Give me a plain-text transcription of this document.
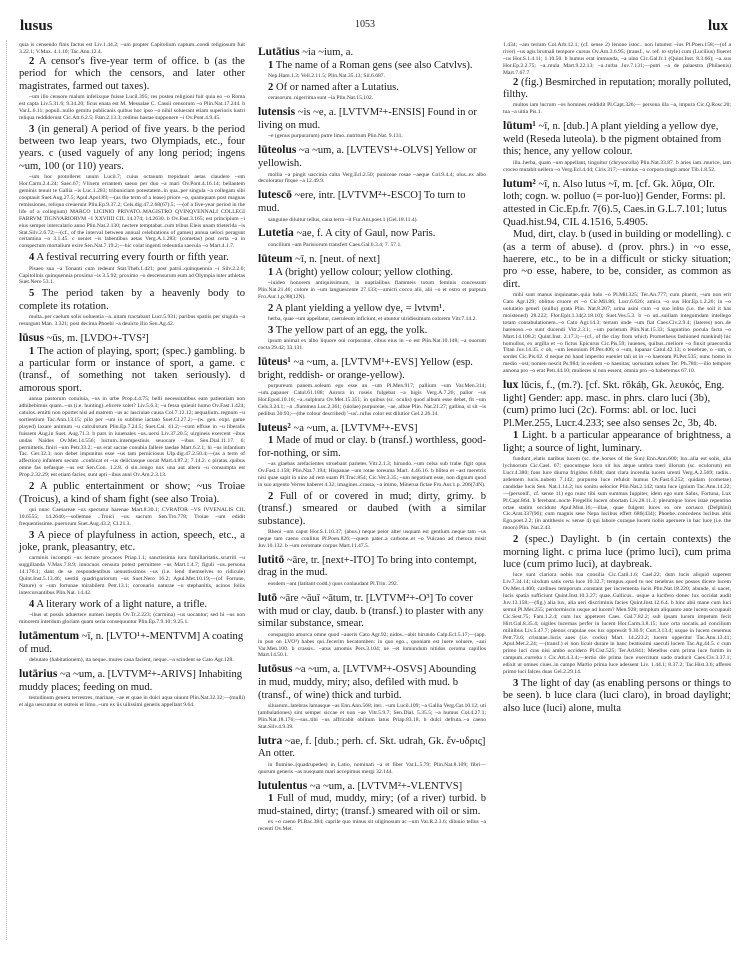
lusus	1053	lux
quia is censendo finis factus est Liv.1.44.2; ~um propter Capitolium captum..condi religiosum fuit 3.22.1; V.Max. 4.1.10; Tac.Ann.12.4.
2 A censor's five-year term of office. b (as the period for which the censors, and later other magistrates, farmed out taxes).
~um illo censore malum infelixque fuisse Lucil.395; res postea religioni fuit quia eo ~o Roma est capta Liv.5.31.6; 9.34.20; ficus enata est M. Messalae C. Cassii censorum ~o Plin.Nat.17.244. b Var.L.6.11; populi..nullo gemitu publicanis quibus hoc ipso ~o nihil soluerant etiam superioris lustri reliqua reddiderunt Cic.Att.6.2.5; Fam.2.13.3; reditus hastae supponere ~i Ov.Pont.4.9.45.
3 (in general) A period of five years. b the period between two leap years, two Olympiads, etc., four years. c (used vaguely of any long period; ingens ~um, 100 (or 110) years.
~um hoc protolleret unum Lucil.7; cuius octauum trepidauit aetas claudere ~um Hor.Carm.2.4.24; Saec.67; Vlixem errantem saeuo per duo ~a mari Ov.Pont.4.16.14; bellantem geminis tenuit te Gallia ~is Luc.1.283; tribuniciam potestatem..in qua..per singula ~a collegam sibi cooptauit Suet.Aug.27.5; Apul.Apol.89;—(as the term of a lease) priore ~o, quamquam post magnas remissiones, reliqua creuerunt Plin.Ep.9.37.2; Cels.dig.47.2.68(67).5; —(of a five-year period in the life of a collegium) MARCO LICINIO PRIVATO..MAGISTRO QVINQVENNALI COLLEGI FABRVM TIGNVARIORVM ~I XXVIIII CIL 14.374; 14.2630. b Ov.Fast.3.165; est principium ~i eius semper intercalario anno Plin.Nat.2.130; nectere temptabat..cum tribus Eleis unam trieterida ~is Stat.Silv.2.6.72;—(cf., of the interval between annual celebrations of games) annua ueloci peragunt certamina ~o 3.1.45. c ueniet ~is labentibus aetas Verg.A.1.283; (cometas) post certa ~a in conspectum mortalium exire Sen.Nat.7.19.2;—hic colat ingenti redeuntia saecula ~o Mart.4.1.7.
4 A festival recurring every fourth or fifth year.
Pisaeo sua ~a Tonanti cum redeunt Stat.Theb.1.421; post patrii..quinquennia ~i Silv.2.2.6; Capitolinis quinquennia proxima ~is 3.5.92; proximo ~o descensurum eum ad Olympia inter athletas Suet.Nero 53.1.
5 The period taken by a heavenly body to complete its rotation.
multa..per caelum solis uoluentia ~a..uitam tractabant Lucr.5.931; paribus spatiis per singula ~a resurgunt Man. 3.321; post decima Phoebi ~a deuicto Ilio Sen.Ag.42.
lūsus ~ūs, m. [LVDO+-TVS²]
1 The action of playing, sport; (spec.) gambling. b a particular form or instance of sport, a game. c (transf., of something not taken seriously). d amorous sport.
annua pastorum conuiuia, ~us in urbe Prop.4.4.75; belli necessitatibus eam patientiam non adhibebimus quam..~us (i.e. hunting)..elicere solet? Liv.5.6.3; ~u fessa quieuit humo Ov.Fast.1.424; catulos..emitti non oportet nisi ad matrem ~us ac lasciuiae causa Col.7.12.12; aequalium..regnum ~u sortientium Tac.Ann.13.15; pilo per ~um in sublime iactato Suet.Cl.27.2;—(w. gen. expr. game played) laxare animum ~u calculorum Plin.Ep.7.24.5; Suet.Cal. 41.2;—cum effuse in ~u liberalis fuissem Aug.in Suet. Aug.71.3. b pars in iuuenales ~us..uersi Liv.37.20.5; uirgineis exercent ~ibus undas Naides Ov.Met.14.556; luctum..intempestiuis seuocare ~ibus Sen.Dial.11.17. 6; permittetis..finiri ~um Petr.33.2; ~us erat sacrae conubia fallere taedae Mart.6.2.1; hi ~us infantium Tac. Ger.32.3; non debet impunitus esse ~us tam perniciosus Ulp.dig.47.2.50.4;—(as a term of affection) infantem secum ..conbicat et ~us deliciasque uocat Mart.4.87.2; 7.14.2. c piratas..quibus omne fas nefasque ~us est Sen.Con. 1.2.8. d sin..longo nox una aut altera ~u consumpta est Prop.2.32.29; est etiam facies, sunt apti ~ibus anni Ov.Am.2.3.13.
2 A public entertainment or show; ~us Troiae (Troicus), a kind of sham fight (see also Troia).
qui nunc Caesareae ~us spectatur harenae Mart.8.30.1; CVRATOR ~VS IVVENALIS CIL 10.6555; 14.2640;—sollemne ..Troici ~us sacrum Sen.Tro.778; Troiae ~um edidit frequentissime..puerorum Suet.Aug.43.2; Cl.21.3.
3 A piece of playfulness in action, speech, etc., a joke, prank, pleasantry, etc.
carminis incompti ~us lecture procaces Priap.1.1; sanctissima iura familiaritatis..scurrili ~u suggillanda V.Max.7.8.9; innocuos censura potest permittere ~us Mart.1.4.7; figuli ~us..persona 14.176.1; dant de se respondentibus uenustissimos ~us (i.e. lend themselves to ridicule) Quint.Inst.5.13.46; uestiti quadrigariorum ~us Suet.Nero 16.2; Apul.Met.10.19;—(of Fortune, Nature) o ~um fortunae mirabilem Petr.13.1; coronario naturae ~u stephanitis, acinos foliis intercursantibus Plin.Nat. 14.42.
4 A literary work of a light nature, a trifle.
~ibus ut possis aduertere numen ineptis Ov.Tr.2.223; (carmina) ~us uocantur; sed hi ~us non minorem interdum gloriam quam seria consequuntur Plin.Ep.7.9.10; 9.25.1.
lutāmentum ~ī, n. [LVTO¹+-MENTVM] A coating of mud.
debutato (habitationem), ita neque..mures caua facient, neque..~a scindent se Cato Agr.128.
lutārius ~a ~um, a. [LVTVM²+-ARIVS] Inhabiting muddy places; feeding on mud.
testudinum genera terrestres, marinae, ~ae et quae in dulci aqua uiuunt Plin.Nat.32.32;—(mulli) et alga uescuntur et ostreis et limo..~um ex iis uilissimi generis appellant 9.64.
Lutātius ~ia ~ium, a.
1 The name of a Roman gens (see also Catvlvs).
Nep.Ham.1.3; Vell.2.11.5; Plin.Nat.35.13; Sil.6.687.
2 Of or named after a Lutatius.
cerasorum..nigerrima sunt ~ia Plin.Nat.15.102.
lutensis ~is ~e, a. [LVTVM²+-ENSIS] Found in or living on mud.
~e (genus purpurarum) putre limo..nutritum Plin.Nat. 9.131.
lūteolus ~a ~um, a. [LVTEVS¹+-OLVS] Yellow or yellowish.
mollia ~a pingit uaccinia calta Verg.Ecl.2.50; puniceae rosae ~aeque Col.9.4.4; olus..ex albo decoloratur fitque ~a 12.49.9.
lutescō ~ere, intr. [LVTVM²+-ESCO] To turn to mud.
sanguine diluitur tellus, caua terra ~it Fur.Ant.poet.1 (Gel.18.11.4).
Lutetia ~ae, f. A city of Gaul, now Paris.
concilium ~am Parisiorum transfert Caes.Gal.6.3.4; 7. 57.1.
lūteum ~ī, n. [neut. of next]
1 A (bright) yellow colour; yellow clothing.
~iuideo honorem antiquissimum, in nuptialibus flammeis totum feminis concessum Plin.Nat.21.46; colore in ~um languescente 27.133;—amicti cocco alii, alii ~o et ostro et purpura Fro.Aur.1.p.98(12N).
2 A plant yielding a yellow dye, = lvtvm¹.
herba, quae ~um appellatur, caeruleum inficiunt, et utuntur uiridissimum colorem Vitr.7.14.2.
3 The yellow part of an egg, the yolk.
ipsum animal ex albo liquore oui corporatur. cibus eius in ~o est Plin.Nat.10.148; ~a ouorum cocta 29.42; 33.131.
lūteus¹ ~a ~um, a. [LVTVM¹+-EVS] Yellow (esp. bright, reddish- or orange-yellow).
purpureum panem..soleam ego esse an ~um Pl.Men.917; pallium ~um Var.Men.314; ~um..papauer Catul.61.188; Aurora in roseis fulgebat ~a bigis Verg.A.7.26; pallor ~us Hor.Epod.10.16; ~a..sulphura Ov.Met.15.351; in quibus (sc. oculis) quod album esse debet, fit ~um Cels.3.24.1; ~a ..flammea Luc.2.361; (uiolae) purpureae, ~ae, albae Plin. Nat.21.27; gallina, si sit ~is pedibus 30.93;—(the colour described) '~us'..rufus color est dilutior Gel.2.26.14.
lutеus² ~a ~um, a. [LVTVM²+-EVS]
1 Made of mud or clay. b (transf.) worthless, good-for-nothing, or sim.
~as glaebas arefacientes struebant parietes Vitr.2.1.3; hirundo..~um celsa sub trabe figit opus Ov.Fast.1.158; Plin.Nat.7.194; Hispanae ~um rotae toreuma Mart. 4.46.16. b blitea et ~ast meretrix nisi quae sapit in uino ad rem suam Pl.Truc.854; Cic.Ver.3.35; ~um negotium esse, non dignum quod in suo argento Verres haberet 4.32; imagines..crassa, ~a immo, Minerua fictae Fro.Aur.1.p. 206(74N).
2 Full of or covered in mud; dirty, grimy. b (transf.) smeared or daubed (with a similar substance).
Rheni ~um caput Hor.S.1.10.37; (abus.) neque peior alter usquam est gentium..neque tam ~us neque tam caeno conlitus Pl.Poen.826;—quem pater..a carbone..et ~o Vulcano ad rhetora misit Juv.10.132. b ~um ceromate corpus Mart.11.47.5.
lutitō ~āre, tr. [next+-ITO] To bring into contempt, drag in the mud.
eosdem ~ant (latitant codd.) quos conlaudant Pl.Trin. 292.
lutō ~āre ~āuī ~ātum, tr. [LVTVM²+-O³] To cover with mud or clay, daub. b (transf.) to plaster with any similar substance, smear.
conspargito amurca omne quod ~aueris Cato Agr.92; nidos..~abit hirundo Calp.Ecl.5.17;—(app. in pun on LVO³) habes qui..fecerim hecatomben: in quo ego.., quoniam est luere soluere, ~aui Var.Men.100. b crassis.. ~atus amomis Pers.3.104; ne ~et inmundum nitidos ceroma capillos Mart.14.50.1.
lutōsus ~a ~um, a. [LVTVM²+-OSVS] Abounding in mud, muddy, miry; also, defiled with mud. b (transf., of wine) thick and turbid.
siluarum..latebras lamasque ~as Enn.Ann.568; iter.. ~um Lucil.109; ~a Gallia Verg.Cat.10.12; uti (ambulationes) sint semper siccae et non ~ae Vitr.5.9.7; Sen.Dial. 5.35.5; ~a humus Col.4.27.1; Plin.Nat.18.176;—sus..tibi ~us affricabit oblitum latus Priap.83.18. b dulci defruta..~a caeno Stat.Silv.4.9.39.
lutra ~ae, f. [dub.; perh. cf. Skt. udrah, Gk. ἔν-υδρις] An otter.
in flumine..(quadrupedes) in Latio, nominati ~a et fiber Var.L.5.79; Plin.Nat.8.109; fibri—quorum generis ~as nusquam mari accepimus mergi 32.144.
lutulentus ~a ~um, a. [LVTVM²+-VLENTVS]
1 Full of mud, muddy, miry; (of a river) turbid. b mud-stained, dirty; (transf.) smeared with oil or sim.
ex ~o caeno Pl.Bac.384; caprile quo minus sit uliginosum ac ~um Var.R.2.3.6; diluuio tellus ~a recenti Ov.Met.
1.434; ~am terram Col.Arb.12.1; (cf. sense 2) lenone istoc.. non lutumst ~ius Pl.Poen.158;—(of a river) ~us agis brumali tempore cursus Ov.Am.3.6.95; (transf., w. ref. to style) cum (Lucilius) flueret ~us Hor.S.1.4.11; 1.10.50. b humus erat immunda, ~a uino Cic.Gal.fr.1 (Quint.Inst. 8.3.66); ~a..sus Hor.Ep.2.2.75; ~a..mula Mart.9.22.13; ~a..turba Juv.7.131;—putri ~a de palaestra (Philaenis) Mart.7.67.7.
2 (fig.) Besmirched in reputation; morally polluted, filthy.
multos iam lucrum ~os homines reddidit Pl.Capt.326;— persona illa ~a, impura Cic.Q.Rosc.20; tua ~a uitia Pis.1.
lūtum¹ ~ī, n. [dub.] A plant yielding a yellow dye, weld (Reseda luteola). b the pigment obtained from this; hence, any yellow colour.
illa..herba, quam ~um appellant, tinguitur (chrysocolla) Plin.Nat.33.87. b aries iam..murice, iam croceo mutabit uellera ~o Verg.Ecl.4.44; Ciris 317;—nimius ~o corpora tingit amor Tib.1.8.52.
lutum² ~ī, n. Also lutus ~ī, m. [cf. Gk. λῦμα, OIr. loth; cogn. w. polluo (= por-luo)] Gender, Forms: pl. attested in Cic.Ep.fr. 7(6).5, Caes.in G.L.7.101; lutus Quad.hist.94, CIL 4.1516, 5.4905.
Mud, dirt, clay. b (used in building or modelling). c (as a term of abuse). d (prov. phrs.) in ~o esse, haerere, etc., to be in a difficult or sticky situation; pro ~o esse, habere, to be, consider, as common as dirt.
mihi sunt manus inquinatae..quia ludo ~o Pl.Mil.325; Ter.An.777; cum pluerit, ~um non erit Cato Agr.129; oblitus cruore et ~o Cic.Mil.86; Lucr.6.626; amica ~o sus Hor.Ep.1.2.26; in ~o uolutatio generi (suillo) grata Plin. Nat.8.207; urina asini cum ~o suo inlita (i.e. the soil it has moistened) 28.222; Flor.Epit.1.34(2.18.10); Suet.Ves.5.3. b ~o uti..suillam integumdam intellego totam contabulationem..~o Cato Agr.14.3; terram unde ~um fiat Caes.Civ.2.9.4; (lateres) non..de harenoso..~o sunt ducendi Vitr.2.3.1; ~um parietum Plin.Nat.15.33; Saguntino pocula facta ~o Mart.14.108.2; Quint.Inst. 2.17.3;—(cf., of the clay from which Prometheus fashioned mankind) hic homullus, ex argilla et ~o fictus Epicurus Cic.Pis.59; iuuenes, quibus..meliore ~o finxit praecordia Titan Juv.14.35. c oh, ~um lenonium Pl.Per.406; o ~um, lupanar Catul.42.13; o tenebrae, o ~um, o sordes Cic.Pis.62. d neque mi haud imperito eueniet tali ut in ~o haeream Pl.Per.535; nunc homo in medio ~ost; nomen nescit Ps.984; in eodem ~o haesitas; uorsuram solues Ter. Ph.780;—illo tempore annona pro ~o erat Petr.44.10; mulieres si non essent, omnia pro ~o haberemus 67.10.
lux lūcis, f., (m.?). [cf. Skt. rōkáḥ, Gk. λευκός, Eng. light] Gender: app. masc. in phrs. claro luci (3b), (cum) primo luci (2c). Forms: abl. or loc. luci Pl.Mer.255, Lucr.4.233; see also senses 2c, 3b, 4b.
1 Light. b a particular appearance of brightness, a light; a source of light, luminary.
funduntˌ.elatis naribus lucem (sc. the horses of the Sun) Enn.Ann.600; lux..alia est solis, alia lychnorum Cic.Cael. 67; quocumque loco sit lux atque umbra tueri illorum (sc. oculorum) est Lucr.4.380; fons luce diurna frigidus 6.848; dant clara incendia lucem urenti Verg.A.2.569; radiis.. ardentem lucis..nubem 7.142; purpurea luce refulsit humus Ov.Fast.6.252; quidam (cometae) candidae lucis Sen. Nat.1.14.2; lux sonitu uelocior Plin.Nat.2.142; tanta luce ignium Tac.Ann.14.22;—(personif., cf. sense 11) ego nunc tibi sum summus Iuppiter, idem ego sum Salus, Fortuna, Lux Pl.Capt.864. b ferebant..nocte Fregellis lucem obortam Liv.28.11.3; plerumque luces istae repentino ortae statim occidunt Apul.Mun.16;—illae, quae fulgent luces ex ore corusco (Delphini) Cic.Arat.337(96); cum magnis sese Nepa lucibus effert 686(434); Phoebe..concedens lucibus altis Egn.poet.2.2; (in antithesis w. sense 4) qui labore curaque lucem nobis aperuere in hac luce (i.e. the moon) Plin. Nat.2.43.
2 (spec.) Daylight. b (in certain contexts) the morning light. c prima luce (primo luci), cum prima luce (cum primo luci), at daybreak.
luce sunt clariora nobis tua consilia Cic.Catil.1.6; Cael.22; dum lucis aliquid superest Liv.7.34.14; uixdum satis certa luce 10.32.7; tempus..quod tu nec tenebras nec posses dicere lucem Ov.Met.4.400; cardines temporum..constant per incrementa lucis Plin.Nat.18.220; abunde, si uacet, lucis spatia sufficiunt Quint.Inst.10.3.27; quae..Gallicus.. usque a lucifero donec lux occidat audit Juv.13.158;—(fig.) alia lux, alia ueri discriminis facies Quint.Inst.12.6.4. b hinc abii mane cum luci semul Pl.Mer.255; perdormiscin usque ad lucem? Men.928; templum aliquanto ante lucem occupauit Cic.Sest.75; Fam.1.2.4; cum lux appeteret Caes. Gal.7.82.2; sub ipsam lucem impetum fecit Hirt.Gal.8.35.4; uigiles lucernas perfer in lucem Hor.Carm.3.8.15; luce orta uocatis..ad concilium militibus Liv.5.47.7; plenos crapulae eos lux oppressit 9.30.9; Curt.3.13.4; usque in lucem cenemus Petr.73.6; cristatae..lucis aues (i.e. cocks) Mart. 14.223.2; lucem opperitur Tac.Ann.13.41; Apul.Met.2.24; —(transf.) ei non licuit durare in hanc beatissimi saeculi lucem Tac.Ag.44.5. c cum primo luci cras nisi ambo occidero Pl.Cist.525; Ter.Ad.841; Metellus cum prima luce furtim in campum..curreba t Cic.Att.4.3.4;—tertio die prima luce exercitum uado traducit Caes.Civ.3.37.1; edixit ut omnes ciues..in campo Martio prima luce adessent Liv. 1.44.1; 8.37.2; Tac.Hist.3.6; afferes primo luci falces duas Gel.2.29.14.
3 The light of day (as enabling persons or things to be seen). b luce clara (luci claro), in broad daylight; also luce (luci) alone, multa
